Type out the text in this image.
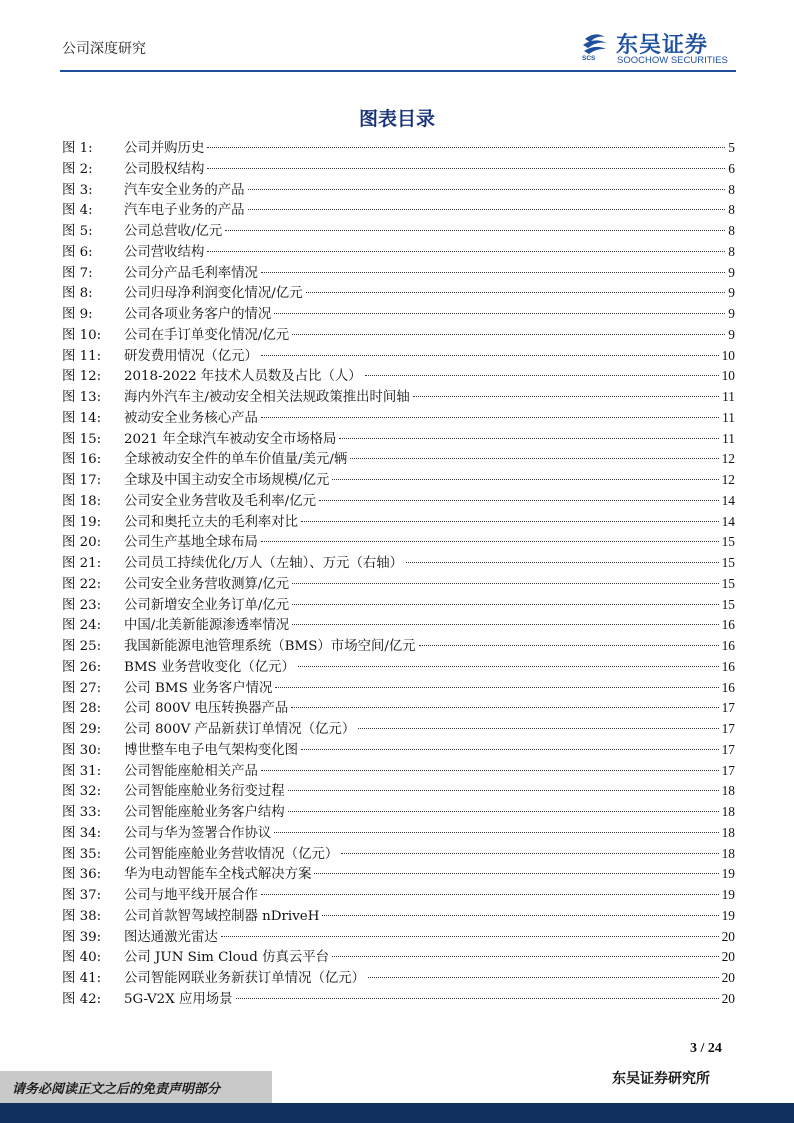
公司深度研究
SCS
东吴证券
SOOCHOW SECURITIES
图表目录
图 1:	公司并购历史	5
图 2:	公司股权结构	6
图 3:	汽车安全业务的产品	8
图 4:	汽车电子业务的产品	8
图 5:	公司总营收/亿元	8
图 6:	公司营收结构	8
图 7:	公司分产品毛利率情况	9
图 8:	公司归母净利润变化情况/亿元	9
图 9:	公司各项业务客户的情况	9
图 10:	公司在手订单变化情况/亿元	9
图 11:	研发费用情况（亿元）	10
图 12:	2018-2022 年技术人员数及占比（人）	10
图 13:	海内外汽车主/被动安全相关法规政策推出时间轴	11
图 14:	被动安全业务核心产品	11
图 15:	2021 年全球汽车被动安全市场格局	11
图 16:	全球被动安全件的单车价值量/美元/辆	12
图 17:	全球及中国主动安全市场规模/亿元	12
图 18:	公司安全业务营收及毛利率/亿元	14
图 19:	公司和奥托立夫的毛利率对比	14
图 20:	公司生产基地全球布局	15
图 21:	公司员工持续优化/万人（左轴）、万元（右轴）	15
图 22:	公司安全业务营收测算/亿元	15
图 23:	公司新增安全业务订单/亿元	15
图 24:	中国/北美新能源渗透率情况	16
图 25:	我国新能源电池管理系统（BMS）市场空间/亿元	16
图 26:	BMS 业务营收变化（亿元）	16
图 27:	公司 BMS 业务客户情况	16
图 28:	公司 800V 电压转换器产品	17
图 29:	公司 800V 产品新获订单情况（亿元）	17
图 30:	博世整车电子电气架构变化图	17
图 31:	公司智能座舱相关产品	17
图 32:	公司智能座舱业务衍变过程	18
图 33:	公司智能座舱业务客户结构	18
图 34:	公司与华为签署合作协议	18
图 35:	公司智能座舱业务营收情况（亿元）	18
图 36:	华为电动智能车全栈式解决方案	19
图 37:	公司与地平线开展合作	19
图 38:	公司首款智驾域控制器 nDriveH	19
图 39:	图达通激光雷达	20
图 40:	公司 JUN Sim Cloud 仿真云平台	20
图 41:	公司智能网联业务新获订单情况（亿元）	20
图 42:	5G-V2X 应用场景	20
3 / 24
请务必阅读正文之后的免责声明部分
东吴证券研究所
